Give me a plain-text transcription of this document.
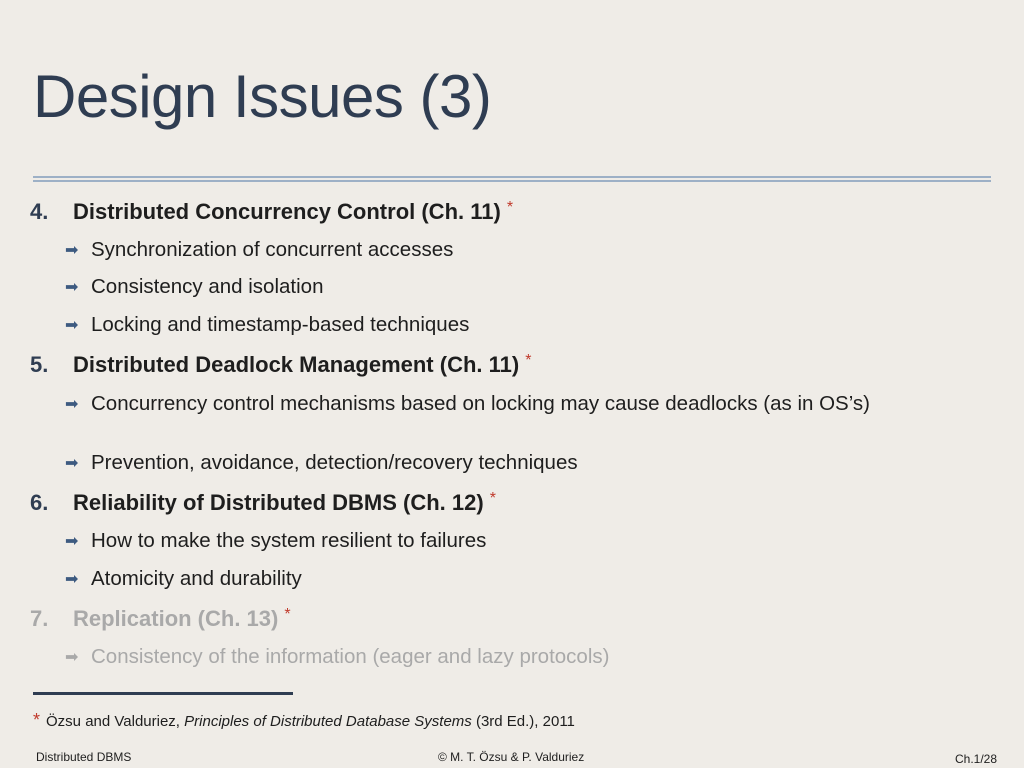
Design Issues (3)
4.	Distributed Concurrency Control (Ch. 11) *
➡ Synchronization of concurrent accesses
➡ Consistency and isolation
➡ Locking and timestamp-based techniques
5.	Distributed Deadlock Management (Ch. 11) *
➡ Concurrency control mechanisms based on locking may cause deadlocks (as in OS’s)
➡ Prevention, avoidance, detection/recovery techniques
6.	Reliability of Distributed DBMS (Ch. 12) *
➡ How to make the system resilient to failures
➡ Atomicity and durability
7.	Replication (Ch. 13) *
➡ Consistency of the information (eager and lazy protocols)
* Özsu and Valduriez, Principles of Distributed Database Systems (3rd Ed.), 2011
Distributed DBMS	© M. T. Özsu & P. Valduriez	Ch.1/28
